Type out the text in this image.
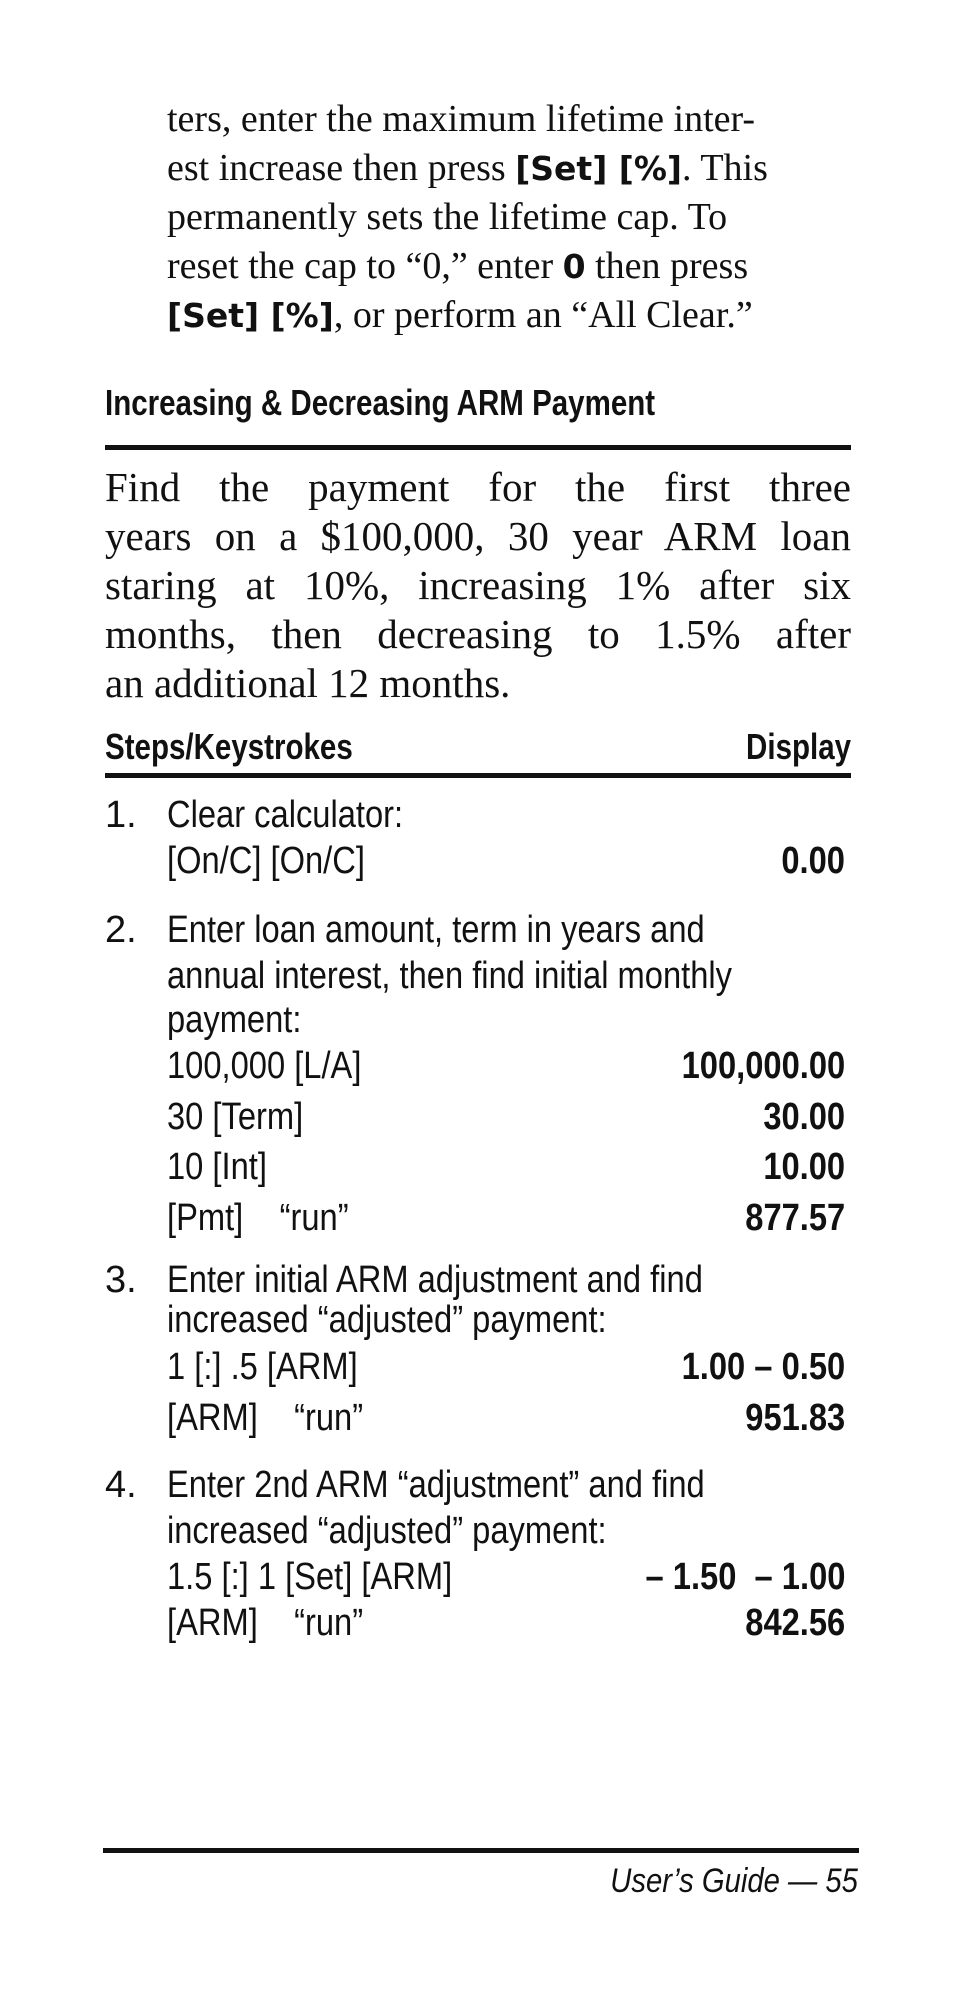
ters, enter the maximum lifetime inter-
est increase then press [Set] [%]. This
permanently sets the lifetime cap. To
reset the cap to “0,” enter 0 then press
[Set] [%], or perform an “All Clear.”
Increasing & Decreasing ARM Payment
Find the payment for the first three
years on a $100,000, 30 year ARM loan
staring at 10%, increasing 1% after six
months, then decreasing to 1.5% after
an additional 12 months.
Steps/Keystrokes	Display
1. Clear calculator:
[On/C] [On/C]	0.00
2. Enter loan amount, term in years and
annual interest, then find initial monthly
payment:
100,000 [L/A]	100,000.00
30 [Term]	30.00
10 [Int]	10.00
[Pmt]    “run”	877.57
3. Enter initial ARM adjustment and find
increased “adjusted” payment:
1 [:] .5 [ARM]	1.00 – 0.50
[ARM]    “run”	951.83
4. Enter 2nd ARM “adjustment” and find
increased “adjusted” payment:
1.5 [:] 1 [Set] [ARM]	– 1.50  – 1.00
[ARM]    “run”	842.56
User’s Guide — 55
